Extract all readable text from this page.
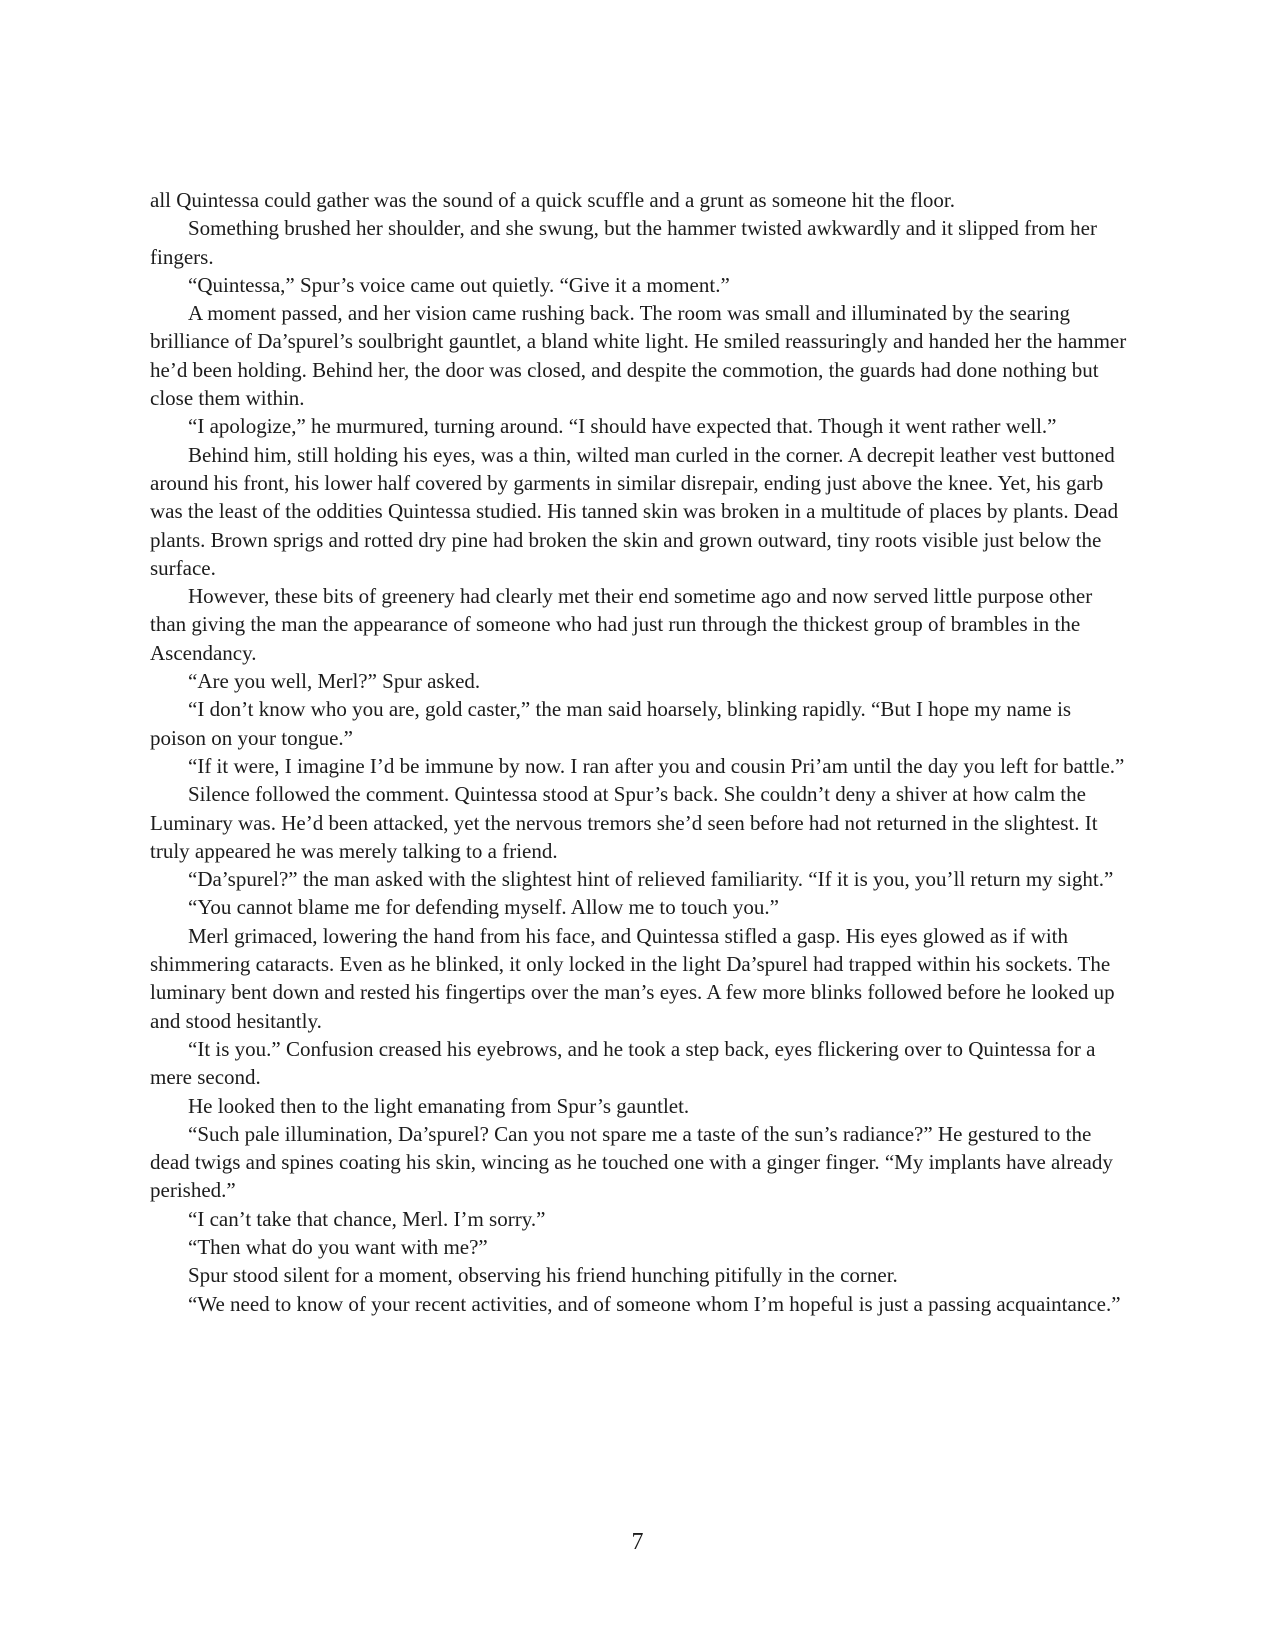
all Quintessa could gather was the sound of a quick scuffle and a grunt as someone hit the floor.

Something brushed her shoulder, and she swung, but the hammer twisted awkwardly and it slipped from her fingers.

“Quintessa,” Spur’s voice came out quietly. “Give it a moment.”

A moment passed, and her vision came rushing back. The room was small and illuminated by the searing brilliance of Da’spurel’s soulbright gauntlet, a bland white light. He smiled reassuringly and handed her the hammer he’d been holding. Behind her, the door was closed, and despite the commotion, the guards had done nothing but close them within.

“I apologize,” he murmured, turning around. “I should have expected that. Though it went rather well.”

Behind him, still holding his eyes, was a thin, wilted man curled in the corner. A decrepit leather vest buttoned around his front, his lower half covered by garments in similar disrepair, ending just above the knee. Yet, his garb was the least of the oddities Quintessa studied. His tanned skin was broken in a multitude of places by plants. Dead plants. Brown sprigs and rotted dry pine had broken the skin and grown outward, tiny roots visible just below the surface.

However, these bits of greenery had clearly met their end sometime ago and now served little purpose other than giving the man the appearance of someone who had just run through the thickest group of brambles in the Ascendancy.

“Are you well, Merl?” Spur asked.

“I don’t know who you are, gold caster,” the man said hoarsely, blinking rapidly. “But I hope my name is poison on your tongue.”

“If it were, I imagine I’d be immune by now. I ran after you and cousin Pri’am until the day you left for battle.”

Silence followed the comment. Quintessa stood at Spur’s back. She couldn’t deny a shiver at how calm the Luminary was. He’d been attacked, yet the nervous tremors she’d seen before had not returned in the slightest. It truly appeared he was merely talking to a friend.

“Da’spurel?” the man asked with the slightest hint of relieved familiarity. “If it is you, you’ll return my sight.”

“You cannot blame me for defending myself. Allow me to touch you.”

Merl grimaced, lowering the hand from his face, and Quintessa stifled a gasp. His eyes glowed as if with shimmering cataracts. Even as he blinked, it only locked in the light Da’spurel had trapped within his sockets. The luminary bent down and rested his fingertips over the man’s eyes. A few more blinks followed before he looked up and stood hesitantly.

“It is you.” Confusion creased his eyebrows, and he took a step back, eyes flickering over to Quintessa for a mere second.

He looked then to the light emanating from Spur’s gauntlet.

“Such pale illumination, Da’spurel? Can you not spare me a taste of the sun’s radiance?” He gestured to the dead twigs and spines coating his skin, wincing as he touched one with a ginger finger. “My implants have already perished.”

“I can’t take that chance, Merl. I’m sorry.”

“Then what do you want with me?”

Spur stood silent for a moment, observing his friend hunching pitifully in the corner.

“We need to know of your recent activities, and of someone whom I’m hopeful is just a passing acquaintance.”

7
